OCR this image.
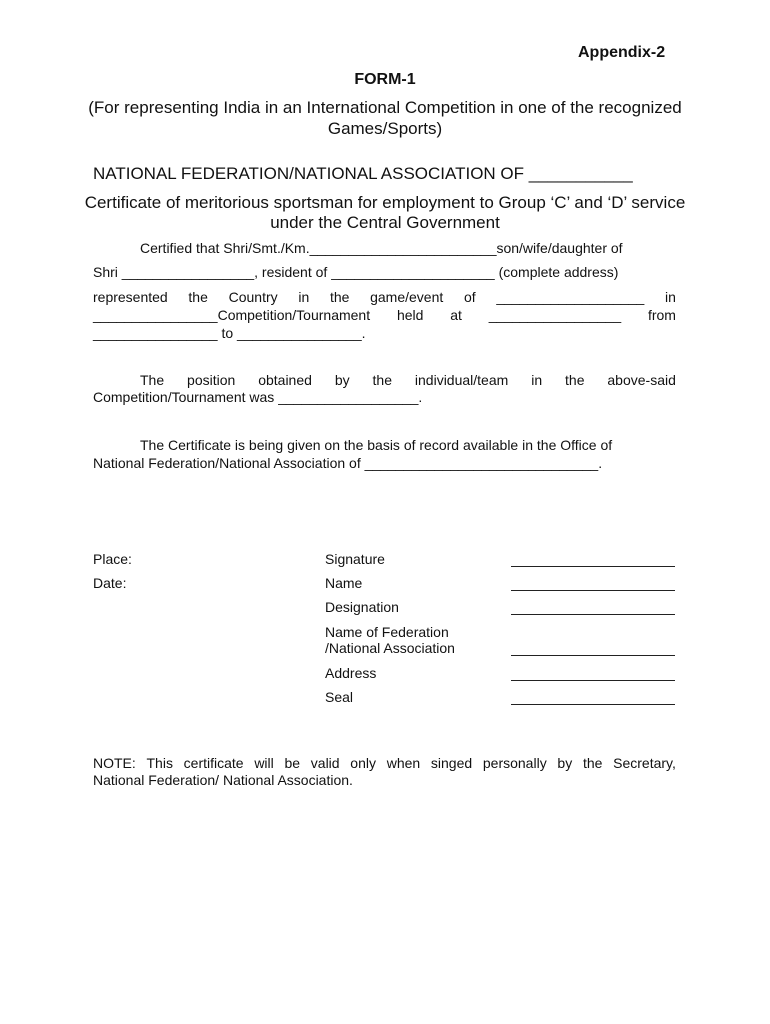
Appendix-2
FORM-1
(For representing India in an International Competition in one of the recognized Games/Sports)
NATIONAL FEDERATION/NATIONAL ASSOCIATION OF ___________
Certificate of meritorious sportsman for employment to Group ‘C’ and ‘D’ service under the Central Government
Certified that Shri/Smt./Km.________________________son/wife/daughter of
Shri _________________, resident of _____________________ (complete address)
represented the Country in the game/event of ___________________ in
________________Competition/Tournament held at _________________ from
________________ to ________________.
The position obtained by the individual/team in the above-said
Competition/Tournament was __________________.
The Certificate is being given on the basis of record available in the Office of
National Federation/National Association of ______________________________.
Place:
Date:
Signature
Name
Designation
Name of Federation
/National Association
Address
Seal
NOTE: This certificate will be valid only when singed personally by the Secretary,
National Federation/ National Association.
